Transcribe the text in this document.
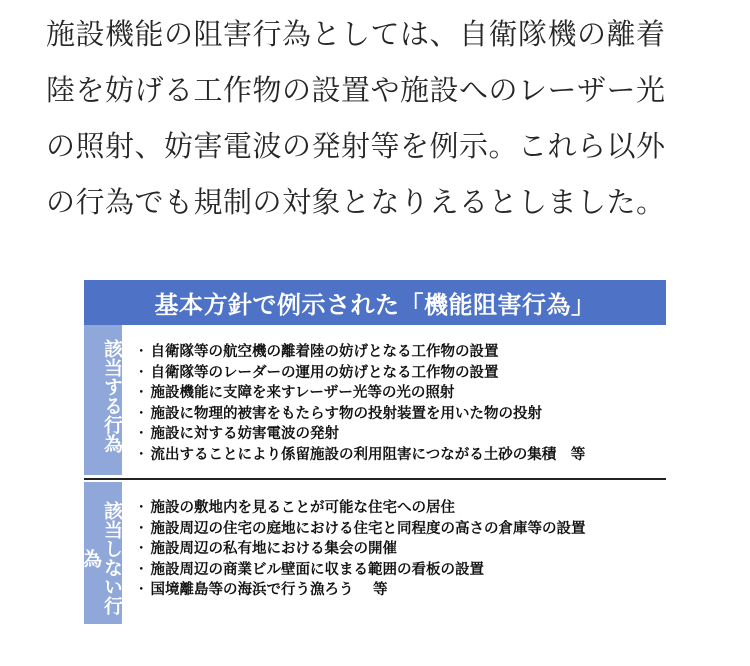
施設機能の阻害行為としては、自衛隊機の離着

陸を妨げる工作物の設置や施設へのレーザー光

の照射、妨害電波の発射等を例示。これら以外

の行為でも規制の対象となりえるとしました。

基本方針で例示された「機能阻害行為」
該当する行為
・	自衛隊等の航空機の離着陸の妨げとなる工作物の設置
・ 自衛隊等のレーダーの運用の妨げとなる工作物の設置
・ 施設機能に支障を来すレーザー光等の光の照射
・ 施設に物理的被害をもたらす物の投射装置を用いた物の投射
・ 施設に対する妨害電波の発射
・ 流出することにより係留施設の利用阻害につながる土砂の集積　等
該当しない行為
・ 施設の敷地内を見ることが可能な住宅への居住
・ 施設周辺の住宅の庭地における住宅と同程度の高さの倉庫等の設置
・ 施設周辺の私有地における集会の開催
・ 施設周辺の商業ビル壁面に収まる範囲の看板の設置
・ 国境離島等の海浜で行う漁ろう　 等
